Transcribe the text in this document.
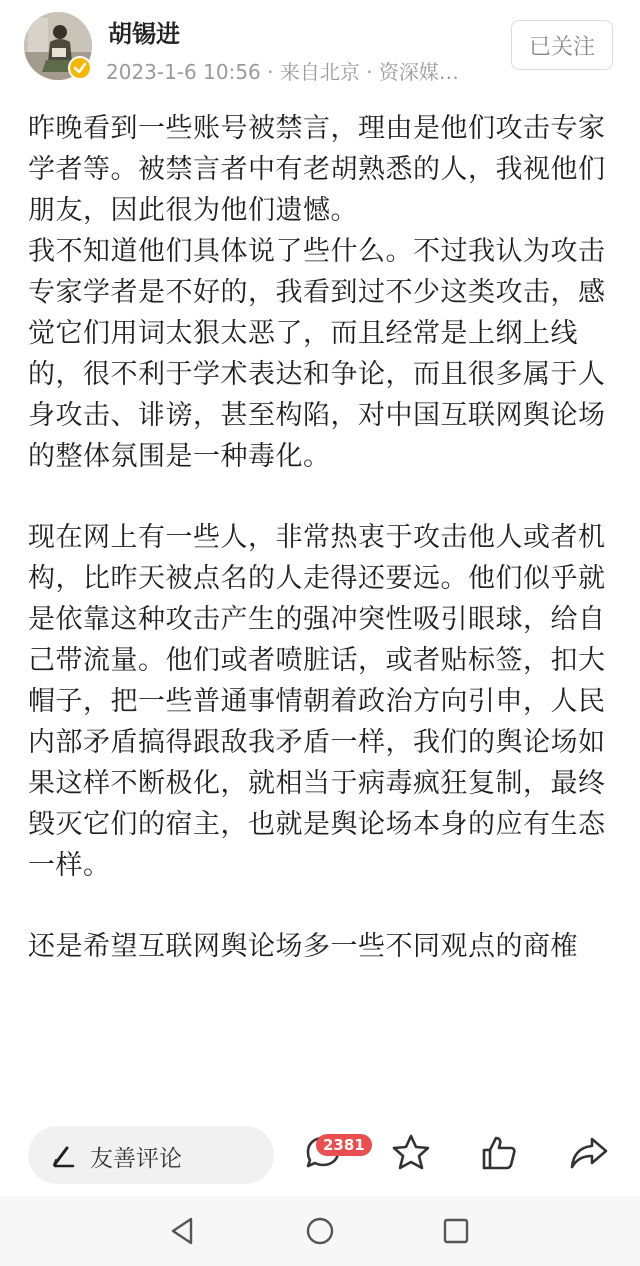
胡锡进
2023-1-6 10:56 · 来自北京 · 资深媒…
已关注

昨晚看到一些账号被禁言，理由是他们攻击专家学者等。被禁言者中有老胡熟悉的人，我视他们朋友，因此很为他们遗憾。

我不知道他们具体说了些什么。不过我认为攻击专家学者是不好的，我看到过不少这类攻击，感觉它们用词太狠太恶了，而且经常是上纲上线的，很不利于学术表达和争论，而且很多属于人身攻击、诽谤，甚至构陷，对中国互联网舆论场的整体氛围是一种毒化。

现在网上有一些人，非常热衷于攻击他人或者机构，比昨天被点名的人走得还要远。他们似乎就是依靠这种攻击产生的强冲突性吸引眼球，给自己带流量。他们或者喷脏话，或者贴标签，扣大帽子，把一些普通事情朝着政治方向引申，人民内部矛盾搞得跟敌我矛盾一样，我们的舆论场如果这样不断极化，就相当于病毒疯狂复制，最终毁灭它们的宿主，也就是舆论场本身的应有生态一样。

还是希望互联网舆论场多一些不同观点的商榷

友善评论
2381
